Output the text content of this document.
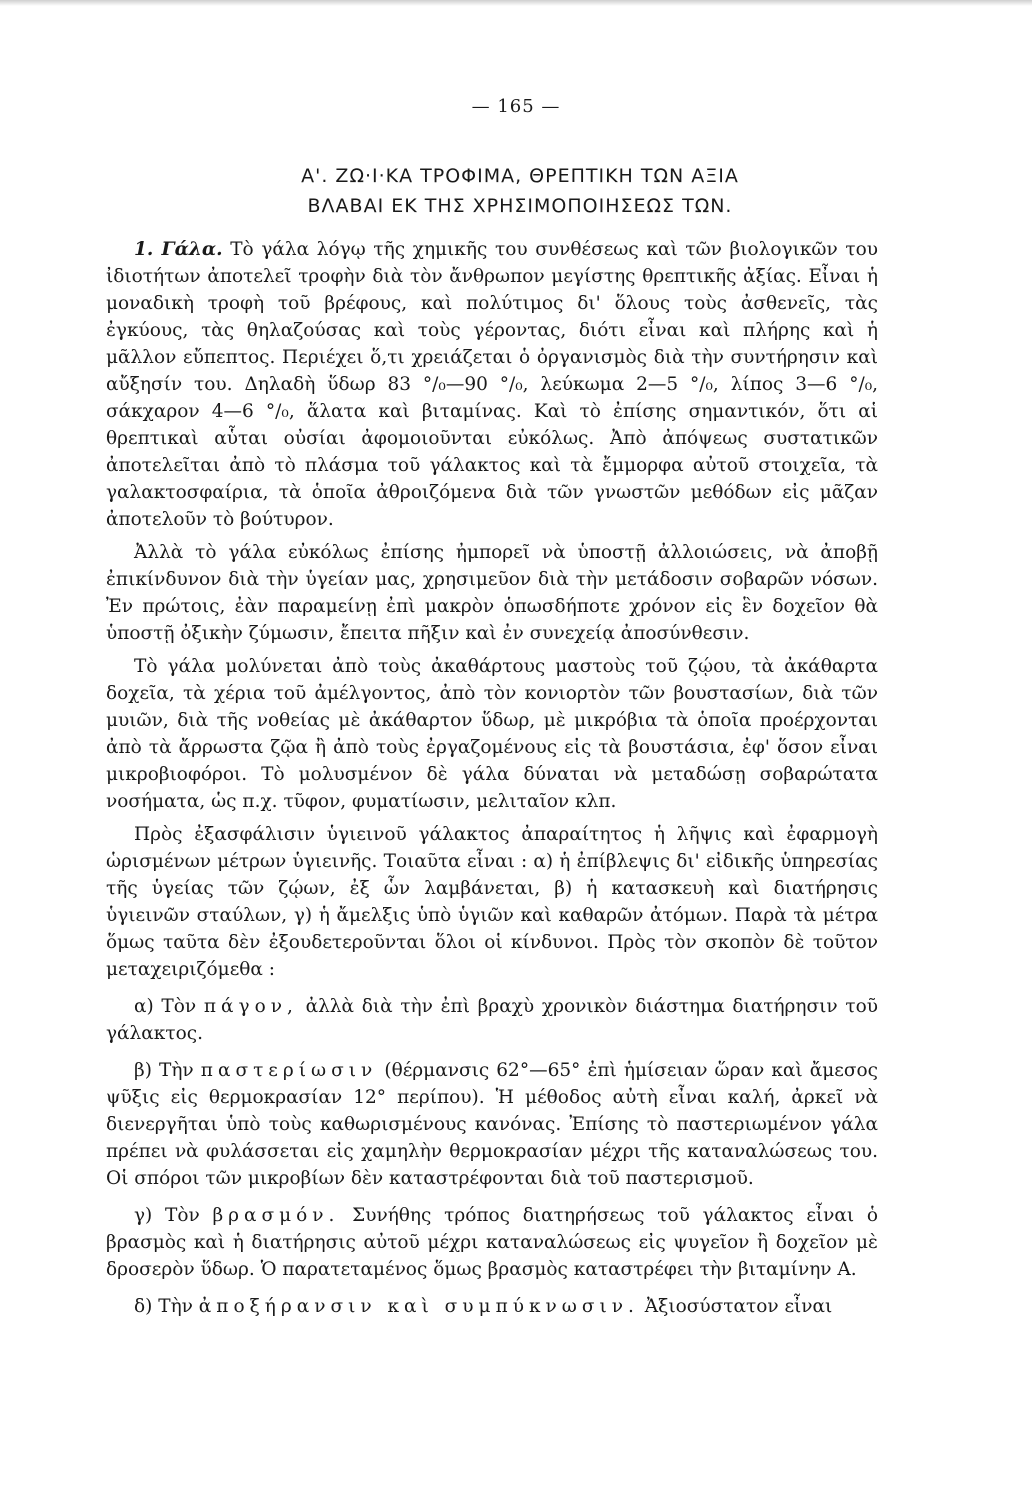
— 165 —
Α'. ΖΩ·Ι·ΚΑ ΤΡΟΦΙΜΑ, ΘΡΕΠΤΙΚΗ ΤΩΝ ΑΞΙΑ
ΒΛΑΒΑΙ ΕΚ ΤΗΣ ΧΡΗΣΙΜΟΠΟΙΗΣΕΩΣ ΤΩΝ.

1. Γάλα. Τὸ γάλα λόγῳ τῆς χημικῆς του συνθέσεως καὶ τῶν βιολογικῶν του ἰδιοτήτων ἀποτελεῖ τροφὴν διὰ τὸν ἄνθρωπον μεγίστης θρεπτικῆς ἀξίας. Εἶναι ἡ μοναδικὴ τροφὴ τοῦ βρέφους, καὶ πολύτιμος δι' ὅλους τοὺς ἀσθενεῖς, τὰς ἐγκύους, τὰς θηλαζούσας καὶ τοὺς γέροντας, διότι εἶναι καὶ πλήρης καὶ ἡ μᾶλλον εὔπεπτος. Περιέχει ὅ,τι χρειάζεται ὁ ὀργανισμὸς διὰ τὴν συντήρησιν καὶ αὔξησίν του. Δηλαδὴ ὕδωρ 83 °/₀—90 °/₀, λεύκωμα 2—5 °/₀, λίπος 3—6 °/₀, σάκχαρον 4—6 °/₀, ἅλατα καὶ βιταμίνας. Καὶ τὸ ἐπίσης σημαντικόν, ὅτι αἱ θρεπτικαὶ αὗται οὐσίαι ἀφομοιοῦνται εὐκόλως. Ἀπὸ ἀπόψεως συστατικῶν ἀποτελεῖται ἀπὸ τὸ πλάσμα τοῦ γάλακτος καὶ τὰ ἔμμορφα αὐτοῦ στοιχεῖα, τὰ γαλακτοσφαίρια, τὰ ὁποῖα ἀθροιζόμενα διὰ τῶν γνωστῶν μεθόδων εἰς μᾶζαν ἀποτελοῦν τὸ βούτυρον.

Ἀλλὰ τὸ γάλα εὐκόλως ἐπίσης ἠμπορεῖ νὰ ὑποστῇ ἀλλοιώσεις, νὰ ἀποβῇ ἐπικίνδυνον διὰ τὴν ὑγείαν μας, χρησιμεῦον διὰ τὴν μετάδοσιν σοβαρῶν νόσων. Ἐν πρώτοις, ἐὰν παραμείνῃ ἐπὶ μακρὸν ὁπωσδήποτε χρόνον εἰς ἓν δοχεῖον θὰ ὑποστῇ ὀξικὴν ζύμωσιν, ἔπειτα πῆξιν καὶ ἐν συνεχείᾳ ἀποσύνθεσιν.

Τὸ γάλα μολύνεται ἀπὸ τοὺς ἀκαθάρτους μαστοὺς τοῦ ζῴου, τὰ ἀκάθαρτα δοχεῖα, τὰ χέρια τοῦ ἀμέλγοντος, ἀπὸ τὸν κονιορτὸν τῶν βουστασίων, διὰ τῶν μυιῶν, διὰ τῆς νοθείας μὲ ἀκάθαρτον ὕδωρ, μὲ μικρόβια τὰ ὁποῖα προέρχονται ἀπὸ τὰ ἄρρωστα ζῷα ἢ ἀπὸ τοὺς ἐργαζομένους εἰς τὰ βουστάσια, ἐφ' ὅσον εἶναι μικροβιοφόροι. Τὸ μολυσμένον δὲ γάλα δύναται νὰ μεταδώσῃ σοβαρώτατα νοσήματα, ὡς π.χ. τῦφον, φυματίωσιν, μελιταῖον κλπ.

Πρὸς ἐξασφάλισιν ὑγιεινοῦ γάλακτος ἀπαραίτητος ἡ λῆψις καὶ ἐφαρμογὴ ὡρισμένων μέτρων ὑγιεινῆς. Τοιαῦτα εἶναι : α) ἡ ἐπίβλεψις δι' εἰδικῆς ὑπηρεσίας τῆς ὑγείας τῶν ζῴων, ἐξ ὧν λαμβάνεται, β) ἡ κατασκευὴ καὶ διατήρησις ὑγιεινῶν σταύλων, γ) ἡ ἄμελξις ὑπὸ ὑγιῶν καὶ καθαρῶν ἀτόμων. Παρὰ τὰ μέτρα ὅμως ταῦτα δὲν ἐξουδετεροῦνται ὅλοι οἱ κίνδυνοι. Πρὸς τὸν σκοπὸν δὲ τοῦτον μεταχειριζόμεθα :

α) Τὸν πάγον, ἀλλὰ διὰ τὴν ἐπὶ βραχὺ χρονικὸν διάστημα διατήρησιν τοῦ γάλακτος.

β) Τὴν παστερίωσιν (θέρμανσις 62°—65° ἐπὶ ἡμίσειαν ὥραν καὶ ἄμεσος ψῦξις εἰς θερμοκρασίαν 12° περίπου). Ἡ μέθοδος αὐτὴ εἶναι καλή, ἀρκεῖ νὰ διενεργῆται ὑπὸ τοὺς καθωρισμένους κανόνας. Ἐπίσης τὸ παστεριωμένον γάλα πρέπει νὰ φυλάσσεται εἰς χαμηλὴν θερμοκρασίαν μέχρι τῆς καταναλώσεως του. Οἱ σπόροι τῶν μικροβίων δὲν καταστρέφονται διὰ τοῦ παστερισμοῦ.

γ) Τὸν βρασμόν. Συνήθης τρόπος διατηρήσεως τοῦ γάλακτος εἶναι ὁ βρασμὸς καὶ ἡ διατήρησις αὐτοῦ μέχρι καταναλώσεως εἰς ψυγεῖον ἢ δοχεῖον μὲ δροσερὸν ὕδωρ. Ὁ παρατεταμένος ὅμως βρασμὸς καταστρέφει τὴν βιταμίνην Α.

δ) Τὴν ἀποξήρανσιν καὶ συμπύκνωσιν. Ἀξιοσύστατον εἶναι
